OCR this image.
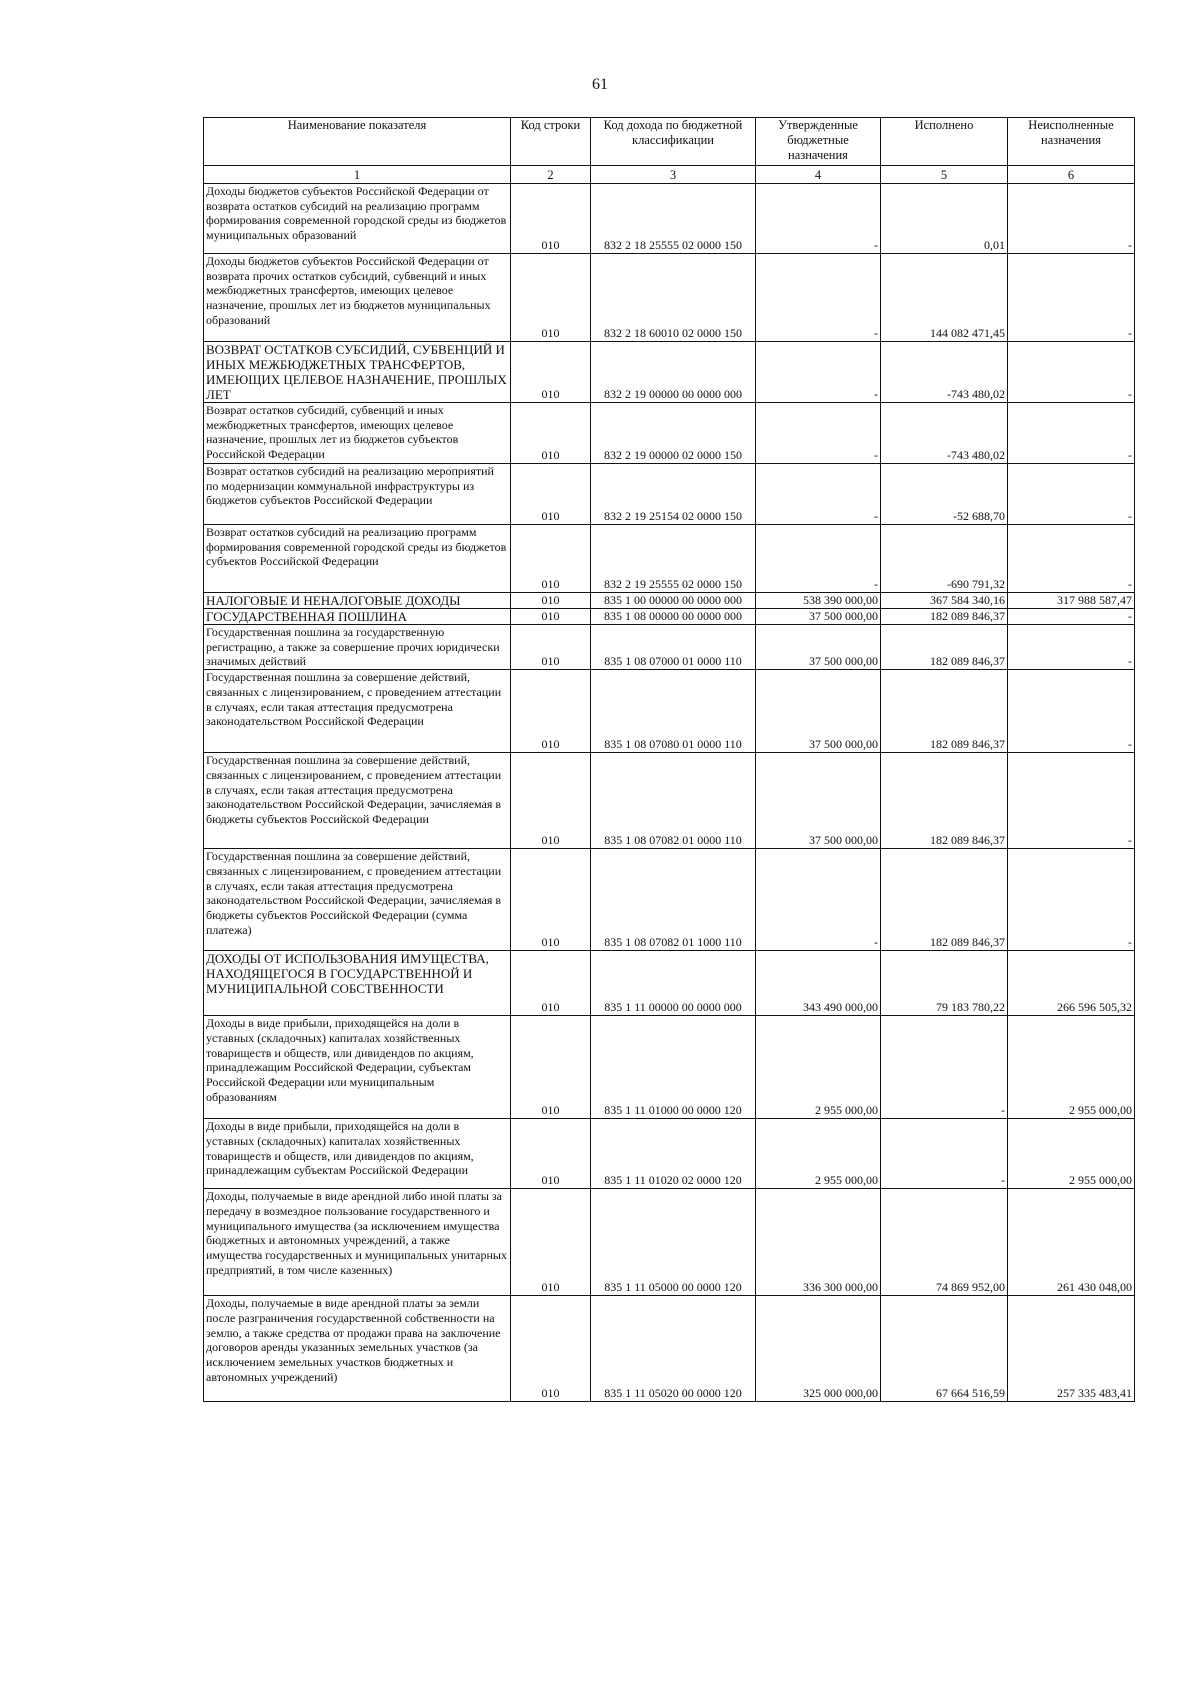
61
Наименование показателя	Код строки	Код дохода по бюджетной классификации	Утвержденные бюджетные назначения	Исполнено	Неисполненные назначения
1	2	3	4	5	6
Доходы бюджетов субъектов Российской Федерации от возврата остатков субсидий на реализацию программ формирования современной городской среды из бюджетов муниципальных образований	010	832 2 18 25555 02 0000 150	-	0,01	-
Доходы бюджетов субъектов Российской Федерации от возврата прочих остатков субсидий, субвенций и иных межбюджетных трансфертов, имеющих целевое назначение, прошлых лет из бюджетов муниципальных образований	010	832 2 18 60010 02 0000 150	-	144 082 471,45	-
ВОЗВРАТ ОСТАТКОВ СУБСИДИЙ, СУБВЕНЦИЙ И ИНЫХ МЕЖБЮДЖЕТНЫХ ТРАНСФЕРТОВ, ИМЕЮЩИХ ЦЕЛЕВОЕ НАЗНАЧЕНИЕ, ПРОШЛЫХ ЛЕТ	010	832 2 19 00000 00 0000 000	-	-743 480,02	-
Возврат остатков субсидий, субвенций и иных межбюджетных трансфертов, имеющих целевое назначение, прошлых лет из бюджетов субъектов Российской Федерации	010	832 2 19 00000 02 0000 150	-	-743 480,02	-
Возврат остатков субсидий на реализацию мероприятий по модернизации коммунальной инфраструктуры из бюджетов субъектов Российской Федерации	010	832 2 19 25154 02 0000 150	-	-52 688,70	-
Возврат остатков субсидий на реализацию программ формирования современной городской среды из бюджетов субъектов Российской Федерации	010	832 2 19 25555 02 0000 150	-	-690 791,32	-
НАЛОГОВЫЕ И НЕНАЛОГОВЫЕ ДОХОДЫ	010	835 1 00 00000 00 0000 000	538 390 000,00	367 584 340,16	317 988 587,47
ГОСУДАРСТВЕННАЯ ПОШЛИНА	010	835 1 08 00000 00 0000 000	37 500 000,00	182 089 846,37	-
Государственная пошлина за государственную регистрацию, а также за совершение прочих юридически значимых действий	010	835 1 08 07000 01 0000 110	37 500 000,00	182 089 846,37	-
Государственная пошлина за совершение действий, связанных с лицензированием, с проведением аттестации в случаях, если такая аттестация предусмотрена законодательством Российской Федерации	010	835 1 08 07080 01 0000 110	37 500 000,00	182 089 846,37	-
Государственная пошлина за совершение действий, связанных с лицензированием, с проведением аттестации в случаях, если такая аттестация предусмотрена законодательством Российской Федерации, зачисляемая в бюджеты субъектов Российской Федерации	010	835 1 08 07082 01 0000 110	37 500 000,00	182 089 846,37	-
Государственная пошлина за совершение действий, связанных с лицензированием, с проведением аттестации в случаях, если такая аттестация предусмотрена законодательством Российской Федерации, зачисляемая в бюджеты субъектов Российской Федерации (сумма платежа)	010	835 1 08 07082 01 1000 110	-	182 089 846,37	-
ДОХОДЫ ОТ ИСПОЛЬЗОВАНИЯ ИМУЩЕСТВА, НАХОДЯЩЕГОСЯ В ГОСУДАРСТВЕННОЙ И МУНИЦИПАЛЬНОЙ СОБСТВЕННОСТИ	010	835 1 11 00000 00 0000 000	343 490 000,00	79 183 780,22	266 596 505,32
Доходы в виде прибыли, приходящейся на доли в уставных (складочных) капиталах хозяйственных товариществ и обществ, или дивидендов по акциям, принадлежащим Российской Федерации, субъектам Российской Федерации или муниципальным образованиям	010	835 1 11 01000 00 0000 120	2 955 000,00	-	2 955 000,00
Доходы в виде прибыли, приходящейся на доли в уставных (складочных) капиталах хозяйственных товариществ и обществ, или дивидендов по акциям, принадлежащим субъектам Российской Федерации	010	835 1 11 01020 02 0000 120	2 955 000,00	-	2 955 000,00
Доходы, получаемые в виде арендной либо иной платы за передачу в возмездное пользование государственного и муниципального имущества (за исключением имущества бюджетных и автономных учреждений, а также имущества государственных и муниципальных унитарных предприятий, в том числе казенных)	010	835 1 11 05000 00 0000 120	336 300 000,00	74 869 952,00	261 430 048,00
Доходы, получаемые в виде арендной платы за земли после разграничения государственной собственности на землю, а также средства от продажи права на заключение договоров аренды указанных земельных участков (за исключением земельных участков бюджетных и автономных учреждений)	010	835 1 11 05020 00 0000 120	325 000 000,00	67 664 516,59	257 335 483,41
